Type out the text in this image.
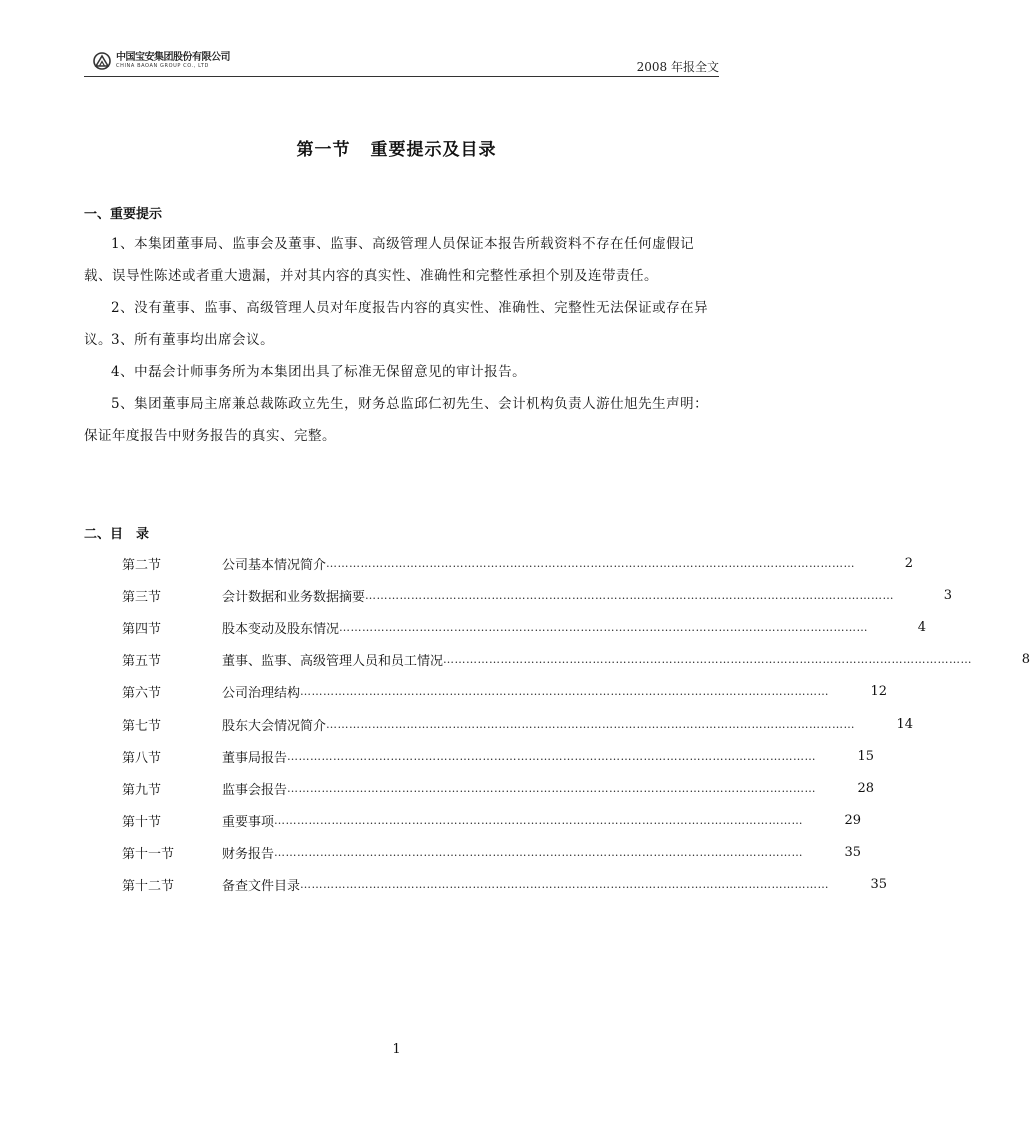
中国宝安集团股份有限公司
CHINA BAOAN GROUP CO., LTD	2008 年报全文
第一节 重要提示及目录
一、重要提示
1、本集团董事局、监事会及董事、监事、高级管理人员保证本报告所载资料不存在任何虚假记载、误导性陈述或者重大遗漏，并对其内容的真实性、准确性和完整性承担个别及连带责任。
2、没有董事、监事、高级管理人员对年度报告内容的真实性、准确性、完整性无法保证或存在异议。 3、所有董事均出席会议。
4、中磊会计师事务所为本集团出具了标准无保留意见的审计报告。
5、集团董事局主席兼总裁陈政立先生，财务总监邱仁初先生、会计机构负责人游仕旭先生声明：保证年度报告中财务报告的真实、完整。
二、目　录
第二节	公司基本情况简介 …………………………………………………………………………………………………………………………	2
第三节	会计数据和业务数据摘要 …………………………………………………………………………………………………………………………	3
第四节	股本变动及股东情况 …………………………………………………………………………………………………………………………	4
第五节	董事、监事、高级管理人员和员工情况 …………………………………………………………………………………………………………………………	8
第六节	公司治理结构 …………………………………………………………………………………………………………………………	12
第七节	股东大会情况简介 …………………………………………………………………………………………………………………………	14
第八节	董事局报告 …………………………………………………………………………………………………………………………	15
第九节	监事会报告 …………………………………………………………………………………………………………………………	28
第十节	重要事项 …………………………………………………………………………………………………………………………	29
第十一节	财务报告 …………………………………………………………………………………………………………………………	35
第十二节	备查文件目录 …………………………………………………………………………………………………………………………	35
1
